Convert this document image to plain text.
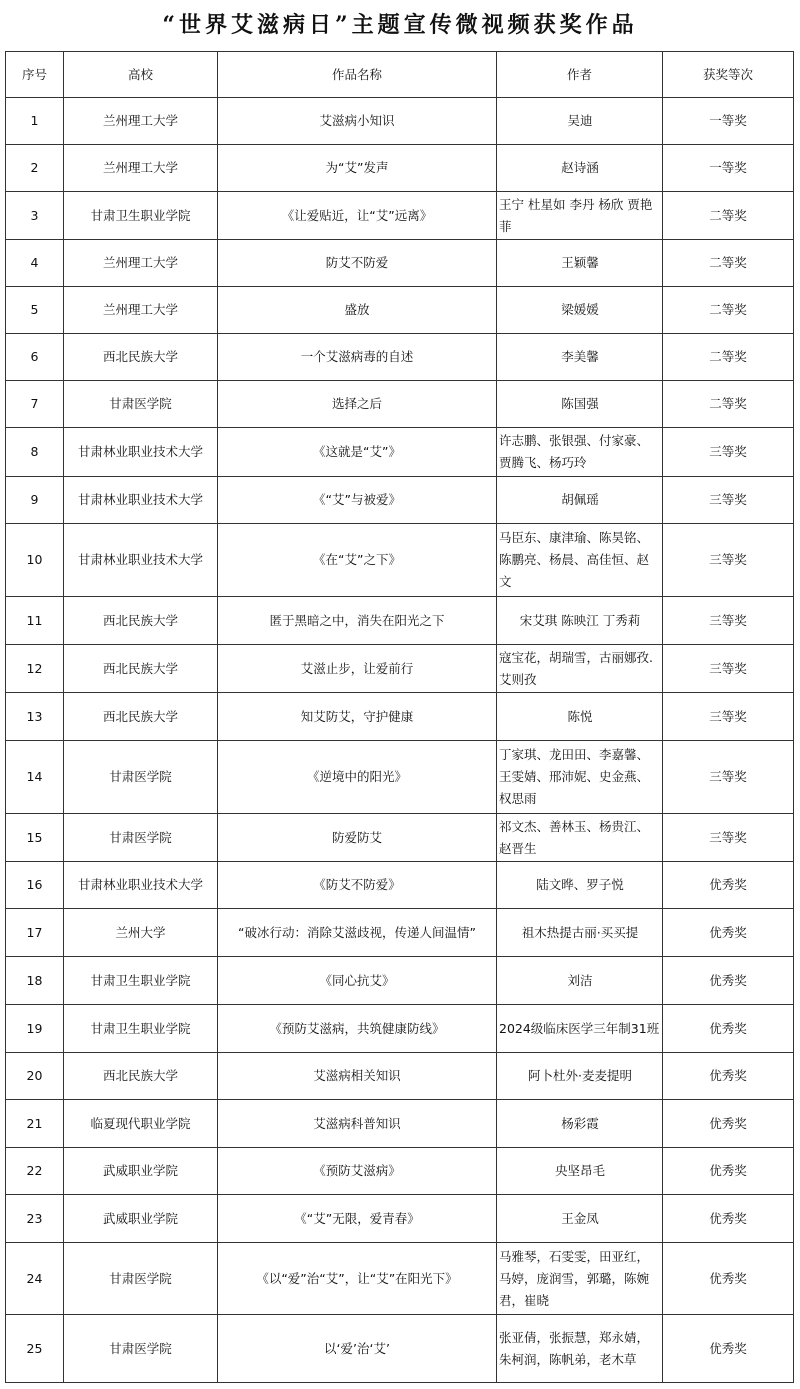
“世界艾滋病日”主题宣传微视频获奖作品
序号	高校	作品名称	作者	获奖等次
1	兰州理工大学	艾滋病小知识	吴迪	一等奖
2	兰州理工大学	为“艾”发声	赵诗涵	一等奖
3	甘肃卫生职业学院	《让爱贴近，让“艾”远离》	王宁 杜星如 李丹 杨欣 贾艳菲	二等奖
4	兰州理工大学	防艾不防爱	王颖馨	二等奖
5	兰州理工大学	盛放	梁媛媛	二等奖
6	西北民族大学	一个艾滋病毒的自述	李美馨	二等奖
7	甘肃医学院	选择之后	陈国强	二等奖
8	甘肃林业职业技术大学	《这就是“艾”》	许志鹏、张银强、付家豪、贾腾飞、杨巧玲	三等奖
9	甘肃林业职业技术大学	《“艾”与被爱》	胡佩瑶	三等奖
10	甘肃林业职业技术大学	《在“艾”之下》	马臣东、康津瑜、陈昊铭、陈鹏亮、杨晨、高佳恒、赵文	三等奖
11	西北民族大学	匿于黑暗之中，消失在阳光之下	宋艾琪 陈映江 丁秀莉	三等奖
12	西北民族大学	艾滋止步，让爱前行	寇宝花，胡瑞雪，古丽娜孜.艾则孜	三等奖
13	西北民族大学	知艾防艾，守护健康	陈悦	三等奖
14	甘肃医学院	《逆境中的阳光》	丁家琪、龙田田、李嘉馨、王雯婧、邢沛妮、史金燕、权思雨	三等奖
15	甘肃医学院	防爱防艾	祁文杰、善林玉、杨贵江、赵晋生	三等奖
16	甘肃林业职业技术大学	《防艾不防爱》	陆文晔、罗子悦	优秀奖
17	兰州大学	“破冰行动：消除艾滋歧视，传递人间温情”	祖木热提古丽·买买提	优秀奖
18	甘肃卫生职业学院	《同心抗艾》	刘洁	优秀奖
19	甘肃卫生职业学院	《预防艾滋病，共筑健康防线》	2024级临床医学三年制31班	优秀奖
20	西北民族大学	艾滋病相关知识	阿卜杜外·麦麦提明	优秀奖
21	临夏现代职业学院	艾滋病科普知识	杨彩霞	优秀奖
22	武威职业学院	《预防艾滋病》	央坚昂毛	优秀奖
23	武威职业学院	《“艾”无限，爱青春》	王金凤	优秀奖
24	甘肃医学院	《以“爱”治“艾”，让“艾”在阳光下》	马雅琴，石雯雯，田亚红，马婷，庞润雪，郭璐，陈婉君，崔晓	优秀奖
25	甘肃医学院	以‘爱’治‘艾’	张亚倩，张振慧，郑永婧，朱柯润，陈帆弟，老木草	优秀奖
